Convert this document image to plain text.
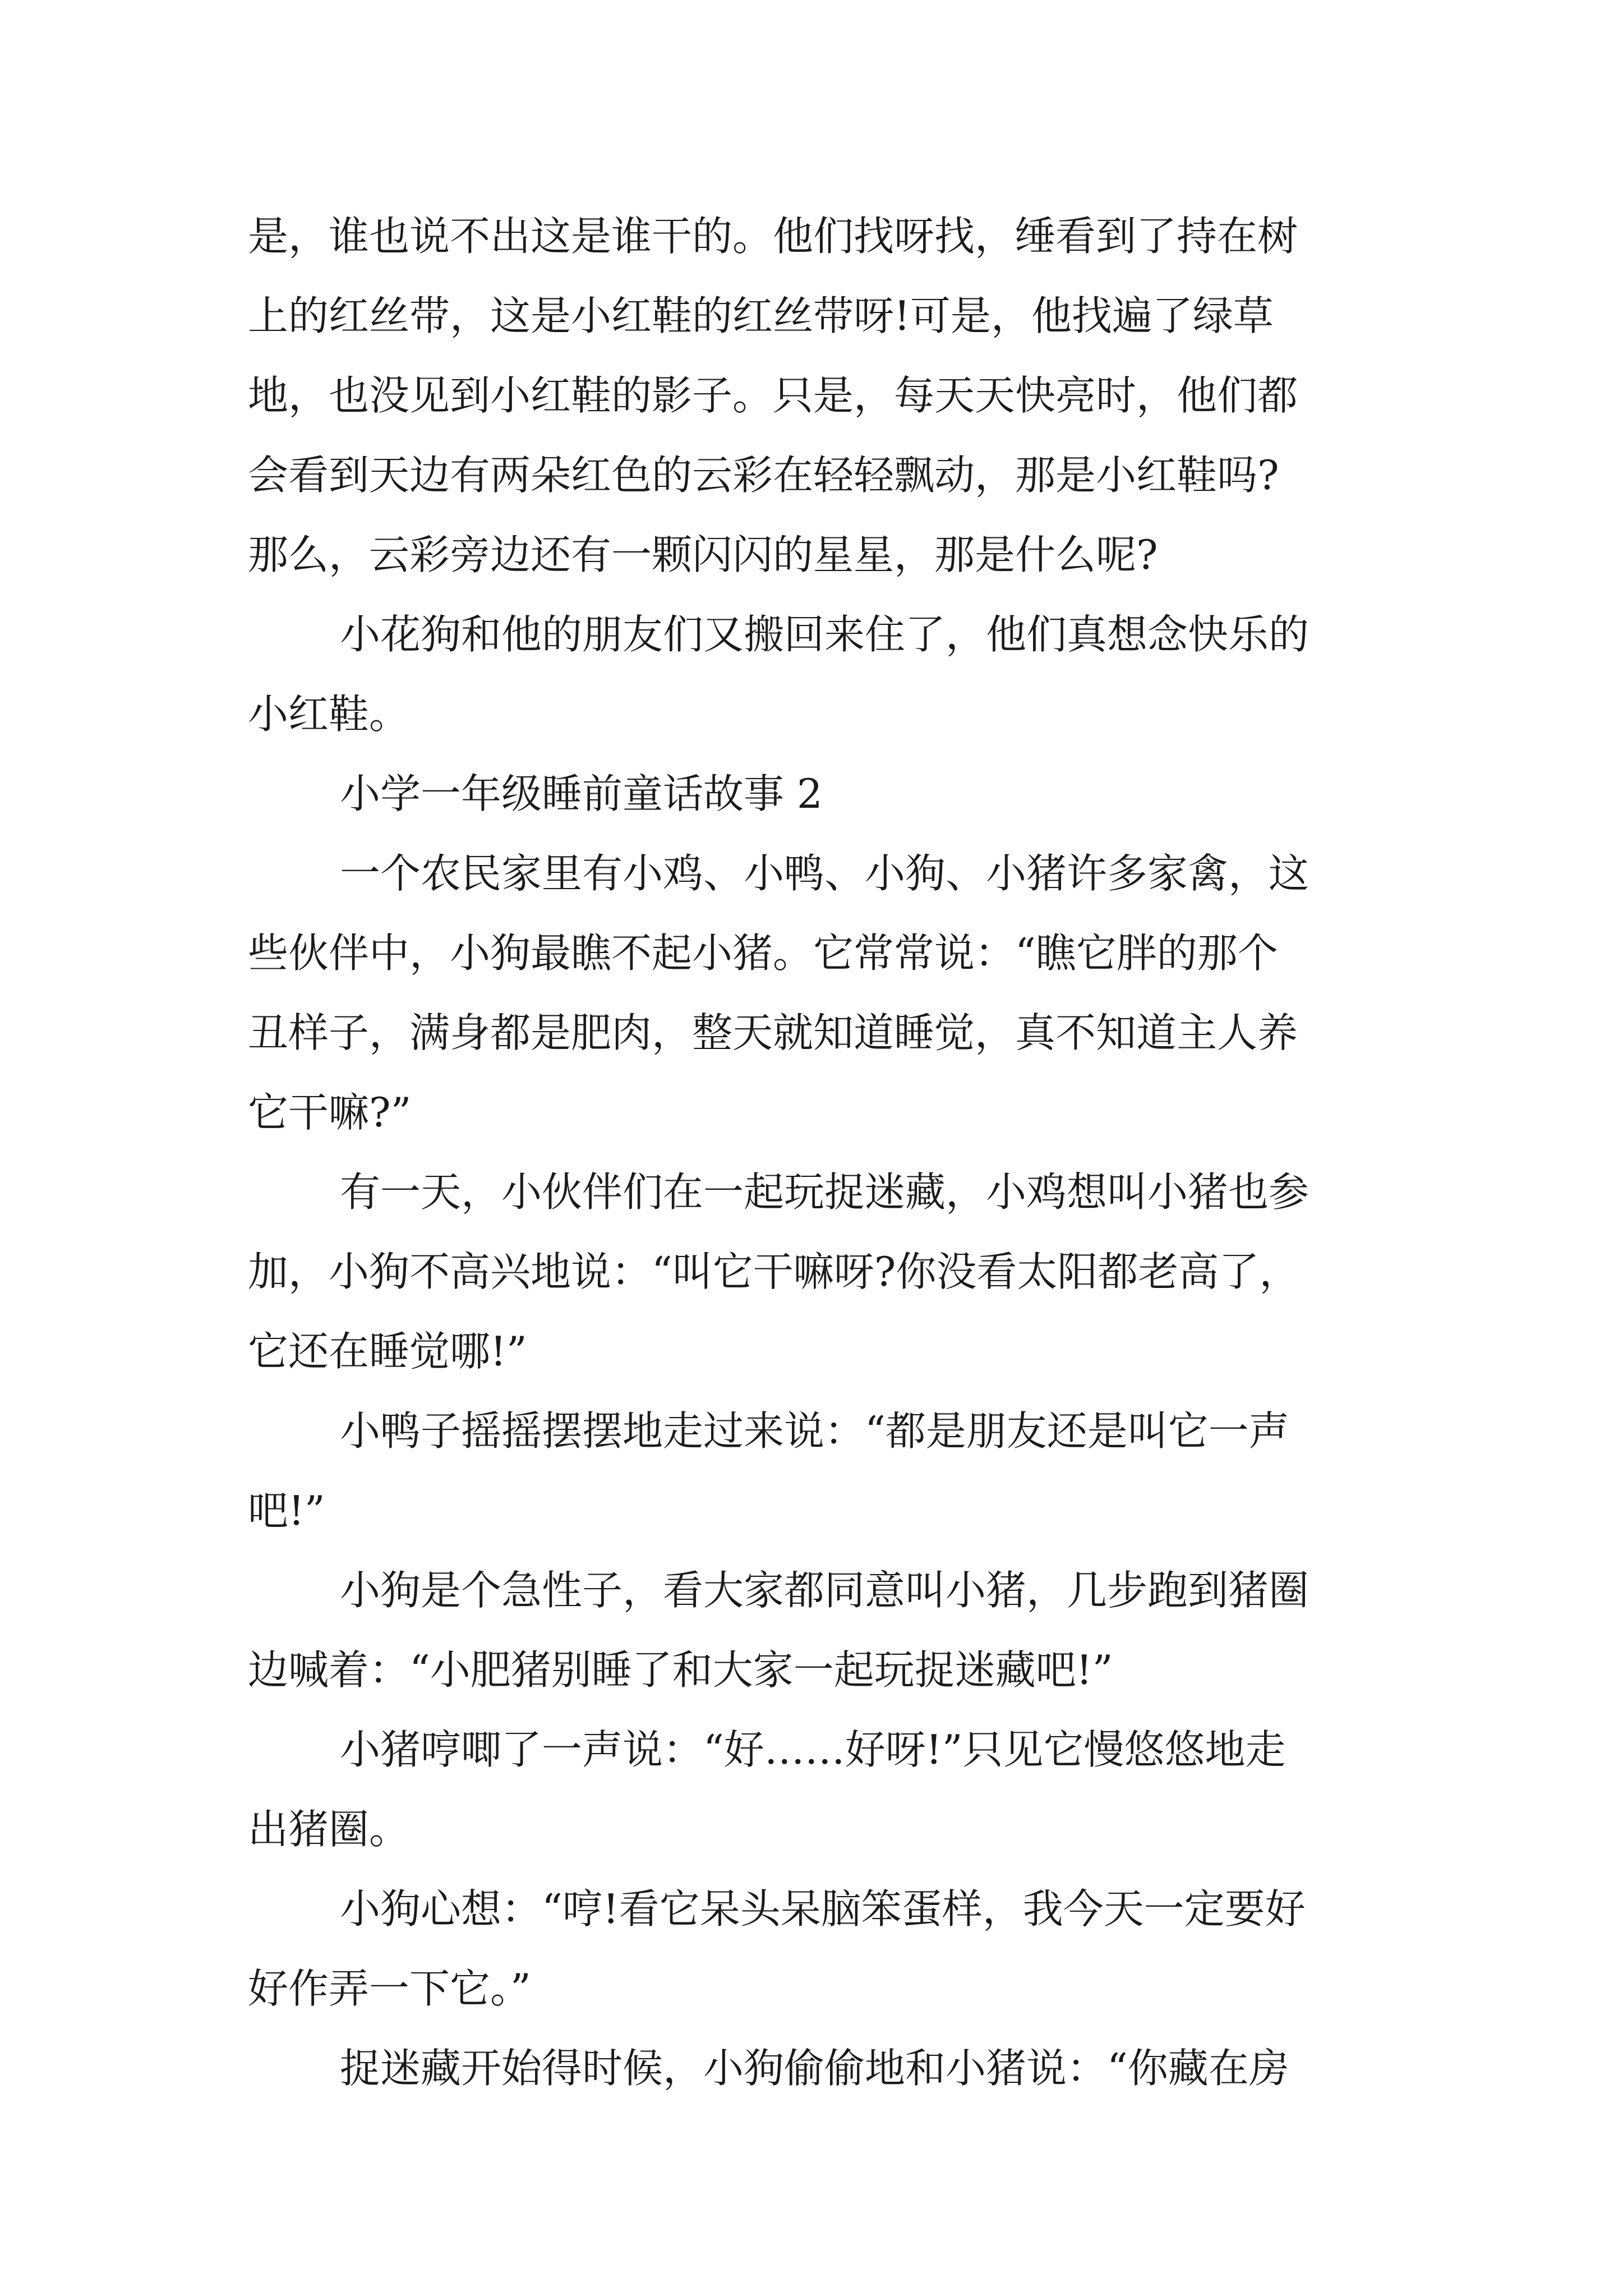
是，谁也说不出这是谁干的。他们找呀找，缍看到了持在树
上的红丝带，这是小红鞋的红丝带呀!可是，他找遍了绿草
地，也没见到小红鞋的影子。只是，每天天快亮时，他们都
会看到天边有两朵红色的云彩在轻轻飘动，那是小红鞋吗?
那么，云彩旁边还有一颗闪闪的星星，那是什么呢?
小花狗和他的朋友们又搬回来住了，他们真想念快乐的
小红鞋。
小学一年级睡前童话故事 2
一个农民家里有小鸡、小鸭、小狗、小猪许多家禽，这
些伙伴中，小狗最瞧不起小猪。它常常说：“瞧它胖的那个
丑样子，满身都是肥肉，整天就知道睡觉，真不知道主人养
它干嘛?”
有一天，小伙伴们在一起玩捉迷藏，小鸡想叫小猪也参
加，小狗不高兴地说：“叫它干嘛呀?你没看太阳都老高了，
它还在睡觉哪!”
小鸭子摇摇摆摆地走过来说：“都是朋友还是叫它一声
吧!”
小狗是个急性子，看大家都同意叫小猪，几步跑到猪圈
边喊着：“小肥猪别睡了和大家一起玩捉迷藏吧!”
小猪哼唧了一声说：“好……好呀!”只见它慢悠悠地走
出猪圈。
小狗心想：“哼!看它呆头呆脑笨蛋样，我今天一定要好
好作弄一下它。”
捉迷藏开始得时候，小狗偷偷地和小猪说：“你藏在房
